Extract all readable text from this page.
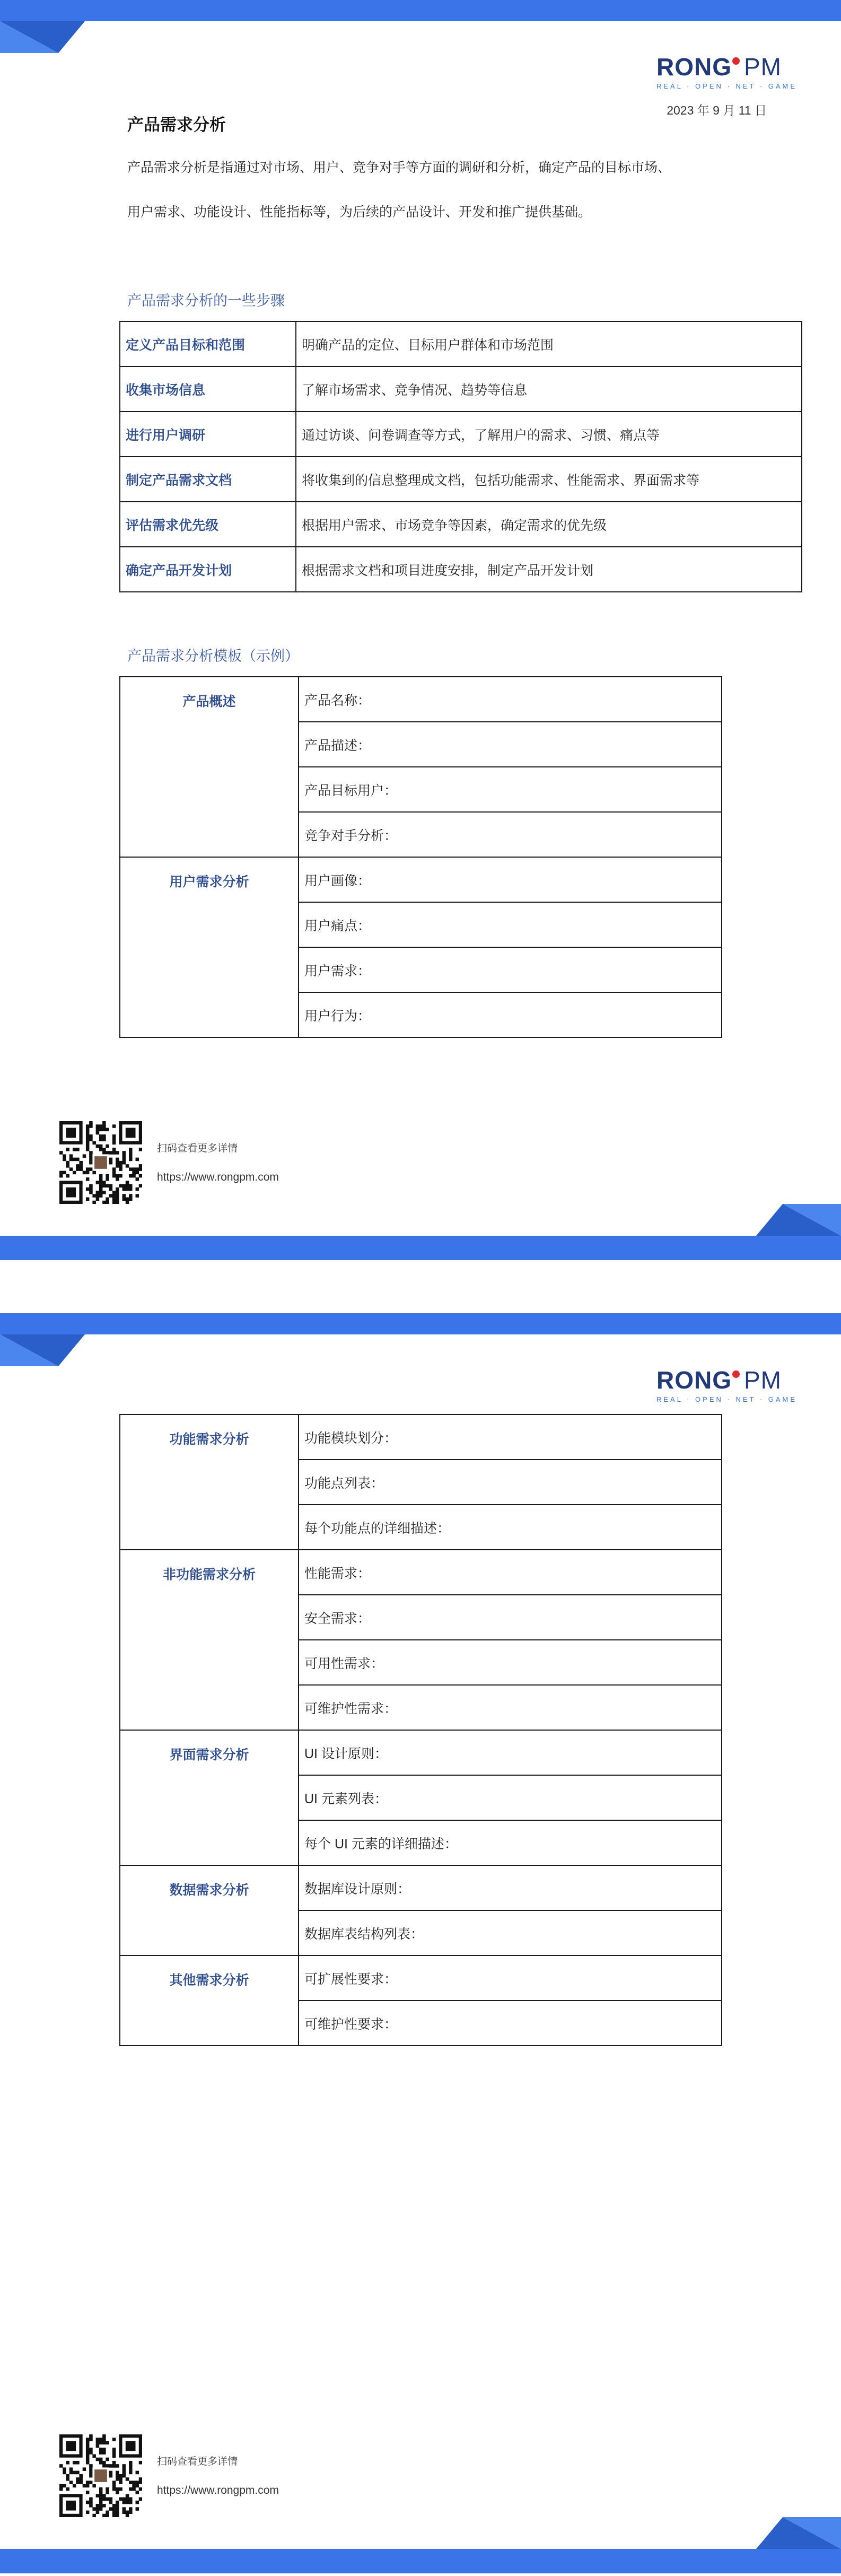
RONG PM
REAL · OPEN · NET · GAME
2023 年 9 月 11 日
产品需求分析
产品需求分析是指通过对市场、用户、竞争对手等方面的调研和分析，确定产品的目标市场、
用户需求、功能设计、性能指标等，为后续的产品设计、开发和推广提供基础。
产品需求分析的一些步骤
定义产品目标和范围	明确产品的定位、目标用户群体和市场范围
收集市场信息	了解市场需求、竞争情况、趋势等信息
进行用户调研	通过访谈、问卷调查等方式，了解用户的需求、习惯、痛点等
制定产品需求文档	将收集到的信息整理成文档，包括功能需求、性能需求、界面需求等
评估需求优先级	根据用户需求、市场竞争等因素，确定需求的优先级
确定产品开发计划	根据需求文档和项目进度安排，制定产品开发计划
产品需求分析模板（示例）
产品概述	产品名称：
	产品描述：
	产品目标用户：
	竞争对手分析：
用户需求分析	用户画像：
	用户痛点：
	用户需求：
	用户行为：
扫码查看更多详情
https://www.rongpm.com
RONG PM
REAL · OPEN · NET · GAME
功能需求分析	功能模块划分：
	功能点列表：
	每个功能点的详细描述：
非功能需求分析	性能需求：
	安全需求：
	可用性需求：
	可维护性需求：
界面需求分析	UI 设计原则：
	UI 元素列表：
	每个 UI 元素的详细描述：
数据需求分析	数据库设计原则：
	数据库表结构列表：
其他需求分析	可扩展性要求：
	可维护性要求：
扫码查看更多详情
https://www.rongpm.com
